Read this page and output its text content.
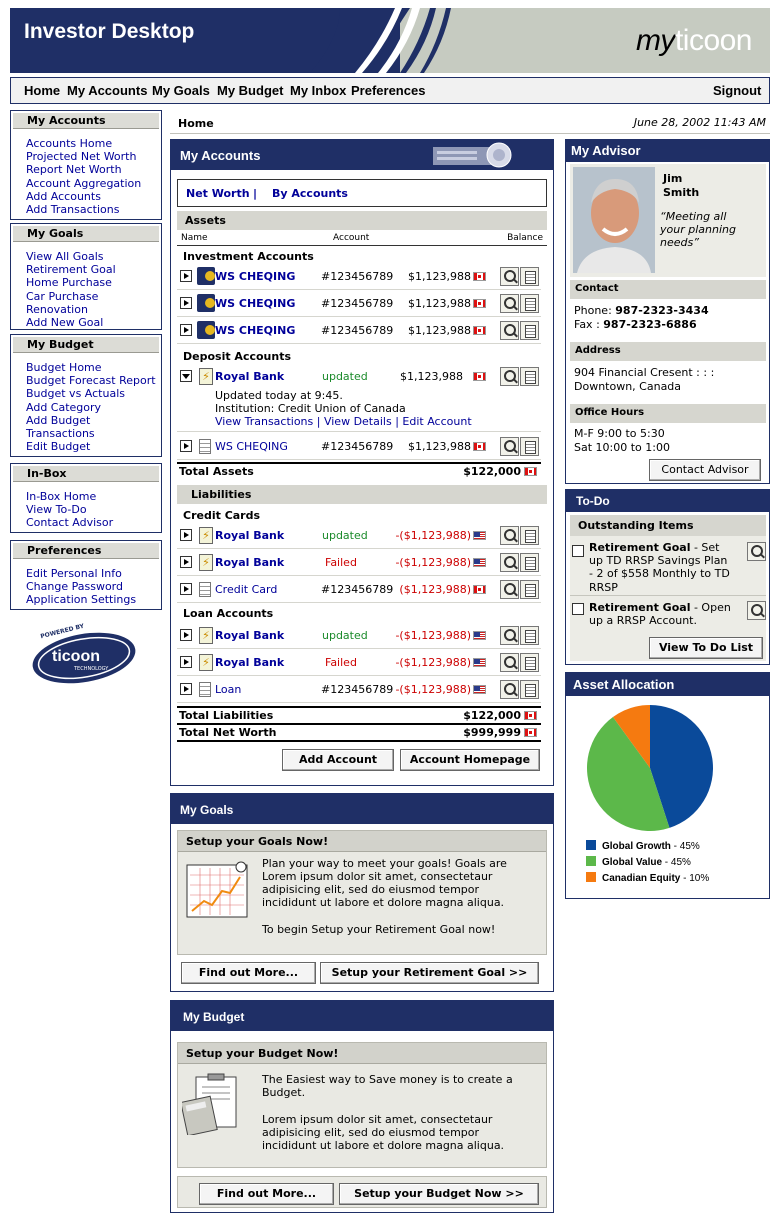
Investor Desktop	myticoon
Home My Accounts My Goals My Budget My Inbox Preferences	Signout
My Accounts
Accounts Home
Projected Net Worth
Report Net Worth
Account Aggregation
Add Accounts
Add Transactions
My Goals
View All Goals
Retirement Goal
Home Purchase
Car Purchase
Renovation
Add New Goal
My Budget
Budget Home
Budget Forecast Report
Budget vs Actuals
Add Category
Add Budget
Transactions
Edit Budget
In-Box
In-Box Home
View To-Do
Contact Advisor
Preferences
Edit Personal Info
Change Password
Application Settings
POWERED BY
ticoon
TECHNOLOGY
Home	June 28, 2002 11:43 AM
My Accounts
Net Worth | By Accounts
Assets
Name	Account	Balance
Investment Accounts
WS CHEQING #123456789 $1,123,988
WS CHEQING #123456789 $1,123,988
WS CHEQING #123456789 $1,123,988
Deposit Accounts
⚡ Royal Bank	updated	$1,123,988
Updated today at 9:45.
Institution: Credit Union of Canada
View Transactions | View Details | Edit Account
WS CHEQING	#123456789 $1,123,988
Total Assets	$122,000
Liabilities
Credit Cards
⚡ Royal Bank	updated	-($1,123,988)
⚡ Royal Bank	Failed	-($1,123,988)
Credit Card	#123456789 ($1,123,988)
Loan Accounts
⚡ Royal Bank	updated	-($1,123,988)
⚡ Royal Bank	Failed	-($1,123,988)
Loan	#123456789 -($1,123,988)
Total Liabilities	$122,000
Total Net Worth	$999,999
Add Account	Account Homepage
My Goals
Setup your Goals Now!
Plan your way to meet your goals! Goals are
Lorem ipsum dolor sit amet, consectetaur
adipisicing elit, sed do eiusmod tempor
incididunt ut labore et dolore magna aliqua.
To begin Setup your Retirement Goal now!
Find out More...	Setup your Retirement Goal >>
My Budget
Setup your Budget Now!
The Easiest way to Save money is to create a
Budget.
Lorem ipsum dolor sit amet, consectetaur
adipisicing elit, sed do eiusmod tempor
incididunt ut labore et dolore magna aliqua.
Find out More...	Setup your Budget Now >>
My Advisor
Jim
Smith
“Meeting all
your planning
needs”
Contact
Phone: 987-2323-3434
Fax : 987-2323-6886
Address
904 Financial Cresent : : :
Downtown, Canada
Office Hours
M-F 9:00 to 5:30
Sat 10:00 to 1:00
Contact Advisor
To-Do
Outstanding Items
Retirement Goal - Set
up TD RRSP Savings Plan
- 2 of $558 Monthly to TD
RRSP
Retirement Goal - Open
up a RRSP Account.
View To Do List
Asset Allocation
Global Growth - 45%
Global Value - 45%
Canadian Equity - 10%
